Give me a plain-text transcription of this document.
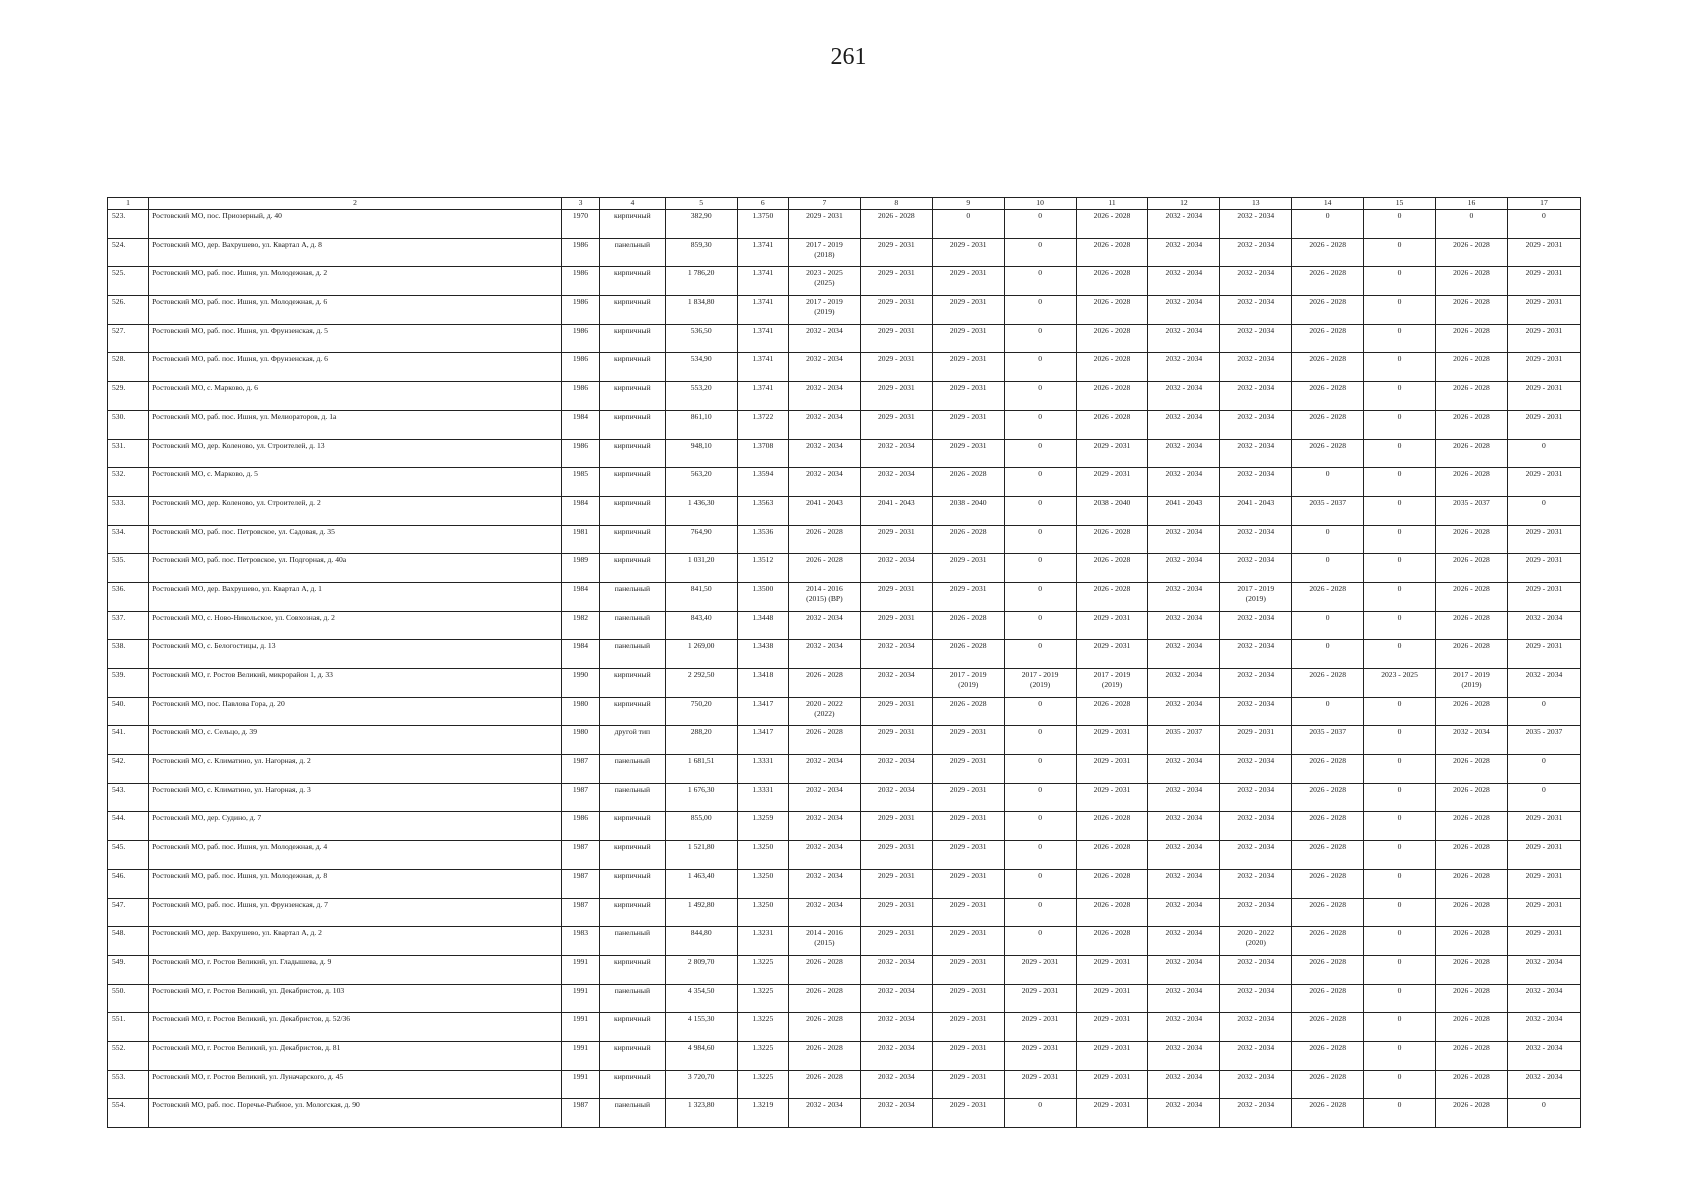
261
1	2	3	4	5	6	7	8	9	10	11	12	13	14	15	16	17

523.	Ростовский МО, пос. Приозерный, д. 40	1970	кирпичный	382,90	1.3750	2029 - 2031	2026 - 2028	0	0	2026 - 2028	2032 - 2034	2032 - 2034	0	0	0	0

524.	Ростовский МО, дер. Вахрушево, ул. Квартал А, д. 8	1986	панельный	859,30	1.3741	2017 - 2019
(2018)	2029 - 2031	2029 - 2031	0	2026 - 2028	2032 - 2034	2032 - 2034	2026 - 2028	0	2026 - 2028	2029 - 2031

525.	Ростовский МО, раб. пос. Ишня, ул. Молодежная, д. 2	1986	кирпичный	1 786,20	1.3741	2023 - 2025
(2025)	2029 - 2031	2029 - 2031	0	2026 - 2028	2032 - 2034	2032 - 2034	2026 - 2028	0	2026 - 2028	2029 - 2031

526.	Ростовский МО, раб. пос. Ишня, ул. Молодежная, д. 6	1986	кирпичный	1 834,80	1.3741	2017 - 2019
(2019)	2029 - 2031	2029 - 2031	0	2026 - 2028	2032 - 2034	2032 - 2034	2026 - 2028	0	2026 - 2028	2029 - 2031

527.	Ростовский МО, раб. пос. Ишня, ул. Фрунзенская, д. 5	1986	кирпичный	536,50	1.3741	2032 - 2034	2029 - 2031	2029 - 2031	0	2026 - 2028	2032 - 2034	2032 - 2034	2026 - 2028	0	2026 - 2028	2029 - 2031

528.	Ростовский МО, раб. пос. Ишня, ул. Фрунзенская, д. 6	1986	кирпичный	534,90	1.3741	2032 - 2034	2029 - 2031	2029 - 2031	0	2026 - 2028	2032 - 2034	2032 - 2034	2026 - 2028	0	2026 - 2028	2029 - 2031

529.	Ростовский МО, с. Марково, д. 6	1986	кирпичный	553,20	1.3741	2032 - 2034	2029 - 2031	2029 - 2031	0	2026 - 2028	2032 - 2034	2032 - 2034	2026 - 2028	0	2026 - 2028	2029 - 2031

530.	Ростовский МО, раб. пос. Ишня, ул. Мелиораторов, д. 1а	1984	кирпичный	861,10	1.3722	2032 - 2034	2029 - 2031	2029 - 2031	0	2026 - 2028	2032 - 2034	2032 - 2034	2026 - 2028	0	2026 - 2028	2029 - 2031

531.	Ростовский МО, дер. Коленово, ул. Строителей, д. 13	1986	кирпичный	948,10	1.3708	2032 - 2034	2032 - 2034	2029 - 2031	0	2029 - 2031	2032 - 2034	2032 - 2034	2026 - 2028	0	2026 - 2028	0

532.	Ростовский МО, с. Марково, д. 5	1985	кирпичный	563,20	1.3594	2032 - 2034	2032 - 2034	2026 - 2028	0	2029 - 2031	2032 - 2034	2032 - 2034	0	0	2026 - 2028	2029 - 2031

533.	Ростовский МО, дер. Коленово, ул. Строителей, д. 2	1984	кирпичный	1 436,30	1.3563	2041 - 2043	2041 - 2043	2038 - 2040	0	2038 - 2040	2041 - 2043	2041 - 2043	2035 - 2037	0	2035 - 2037	0

534.	Ростовский МО, раб. пос. Петровское, ул. Садовая, д. 35	1981	кирпичный	764,90	1.3536	2026 - 2028	2029 - 2031	2026 - 2028	0	2026 - 2028	2032 - 2034	2032 - 2034	0	0	2026 - 2028	2029 - 2031

535.	Ростовский МО, раб. пос. Петровское, ул. Подгорная, д. 40а	1989	кирпичный	1 031,20	1.3512	2026 - 2028	2032 - 2034	2029 - 2031	0	2026 - 2028	2032 - 2034	2032 - 2034	0	0	2026 - 2028	2029 - 2031

536.	Ростовский МО, дер. Вахрушево, ул. Квартал А, д. 1	1984	панельный	841,50	1.3500	2014 - 2016
(2015) (ВР)	2029 - 2031	2029 - 2031	0	2026 - 2028	2032 - 2034	2017 - 2019
(2019)	2026 - 2028	0	2026 - 2028	2029 - 2031

537.	Ростовский МО, с. Ново-Никольское, ул. Совхозная, д. 2	1982	панельный	843,40	1.3448	2032 - 2034	2029 - 2031	2026 - 2028	0	2029 - 2031	2032 - 2034	2032 - 2034	0	0	2026 - 2028	2032 - 2034

538.	Ростовский МО, с. Белогостицы, д. 13	1984	панельный	1 269,00	1.3438	2032 - 2034	2032 - 2034	2026 - 2028	0	2029 - 2031	2032 - 2034	2032 - 2034	0	0	2026 - 2028	2029 - 2031

539.	Ростовский МО, г. Ростов Великий, микрорайон 1, д. 33	1990	кирпичный	2 292,50	1.3418	2026 - 2028	2032 - 2034	2017 - 2019
(2019)	2017 - 2019
(2019)	2017 - 2019
(2019)	2032 - 2034	2032 - 2034	2026 - 2028	2023 - 2025	2017 - 2019
(2019)	2032 - 2034

540.	Ростовский МО, пос. Павлова Гора, д. 20	1980	кирпичный	750,20	1.3417	2020 - 2022
(2022)	2029 - 2031	2026 - 2028	0	2026 - 2028	2032 - 2034	2032 - 2034	0	0	2026 - 2028	0

541.	Ростовский МО, с. Сельцо, д. 39	1980	другой тип	288,20	1.3417	2026 - 2028	2029 - 2031	2029 - 2031	0	2029 - 2031	2035 - 2037	2029 - 2031	2035 - 2037	0	2032 - 2034	2035 - 2037

542.	Ростовский МО, с. Климатино, ул. Нагорная, д. 2	1987	панельный	1 681,51	1.3331	2032 - 2034	2032 - 2034	2029 - 2031	0	2029 - 2031	2032 - 2034	2032 - 2034	2026 - 2028	0	2026 - 2028	0

543.	Ростовский МО, с. Климатино, ул. Нагорная, д. 3	1987	панельный	1 676,30	1.3331	2032 - 2034	2032 - 2034	2029 - 2031	0	2029 - 2031	2032 - 2034	2032 - 2034	2026 - 2028	0	2026 - 2028	0

544.	Ростовский МО, дер. Судино, д. 7	1986	кирпичный	855,00	1.3259	2032 - 2034	2029 - 2031	2029 - 2031	0	2026 - 2028	2032 - 2034	2032 - 2034	2026 - 2028	0	2026 - 2028	2029 - 2031

545.	Ростовский МО, раб. пос. Ишня, ул. Молодежная, д. 4	1987	кирпичный	1 521,80	1.3250	2032 - 2034	2029 - 2031	2029 - 2031	0	2026 - 2028	2032 - 2034	2032 - 2034	2026 - 2028	0	2026 - 2028	2029 - 2031

546.	Ростовский МО, раб. пос. Ишня, ул. Молодежная, д. 8	1987	кирпичный	1 463,40	1.3250	2032 - 2034	2029 - 2031	2029 - 2031	0	2026 - 2028	2032 - 2034	2032 - 2034	2026 - 2028	0	2026 - 2028	2029 - 2031

547.	Ростовский МО, раб. пос. Ишня, ул. Фрунзенская, д. 7	1987	кирпичный	1 492,80	1.3250	2032 - 2034	2029 - 2031	2029 - 2031	0	2026 - 2028	2032 - 2034	2032 - 2034	2026 - 2028	0	2026 - 2028	2029 - 2031

548.	Ростовский МО, дер. Вахрушево, ул. Квартал А, д. 2	1983	панельный	844,80	1.3231	2014 - 2016
(2015)	2029 - 2031	2029 - 2031	0	2026 - 2028	2032 - 2034	2020 - 2022
(2020)	2026 - 2028	0	2026 - 2028	2029 - 2031

549.	Ростовский МО, г. Ростов Великий, ул. Гладышева, д. 9	1991	кирпичный	2 809,70	1.3225	2026 - 2028	2032 - 2034	2029 - 2031	2029 - 2031	2029 - 2031	2032 - 2034	2032 - 2034	2026 - 2028	0	2026 - 2028	2032 - 2034

550.	Ростовский МО, г. Ростов Великий, ул. Декабристов, д. 103	1991	панельный	4 354,50	1.3225	2026 - 2028	2032 - 2034	2029 - 2031	2029 - 2031	2029 - 2031	2032 - 2034	2032 - 2034	2026 - 2028	0	2026 - 2028	2032 - 2034

551.	Ростовский МО, г. Ростов Великий, ул. Декабристов, д. 52/36	1991	кирпичный	4 155,30	1.3225	2026 - 2028	2032 - 2034	2029 - 2031	2029 - 2031	2029 - 2031	2032 - 2034	2032 - 2034	2026 - 2028	0	2026 - 2028	2032 - 2034

552.	Ростовский МО, г. Ростов Великий, ул. Декабристов, д. 81	1991	кирпичный	4 984,60	1.3225	2026 - 2028	2032 - 2034	2029 - 2031	2029 - 2031	2029 - 2031	2032 - 2034	2032 - 2034	2026 - 2028	0	2026 - 2028	2032 - 2034

553.	Ростовский МО, г. Ростов Великий, ул. Луначарского, д. 45	1991	кирпичный	3 720,70	1.3225	2026 - 2028	2032 - 2034	2029 - 2031	2029 - 2031	2029 - 2031	2032 - 2034	2032 - 2034	2026 - 2028	0	2026 - 2028	2032 - 2034

554.	Ростовский МО, раб. пос. Поречье-Рыбное, ул. Мологская, д. 90	1987	панельный	1 323,80	1.3219	2032 - 2034	2032 - 2034	2029 - 2031	0	2029 - 2031	2032 - 2034	2032 - 2034	2026 - 2028	0	2026 - 2028	0
